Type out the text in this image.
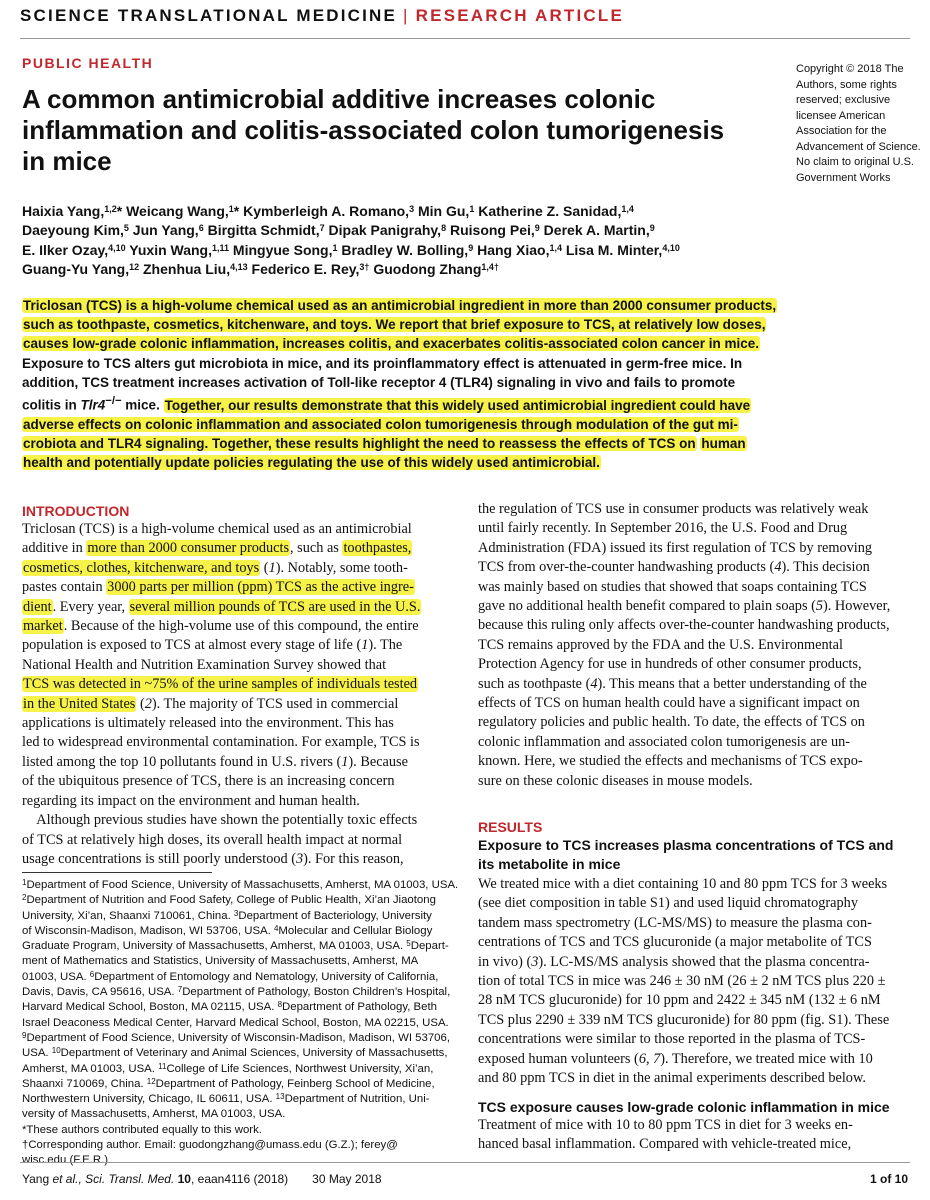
SCIENCE TRANSLATIONAL MEDICINE | RESEARCH ARTICLE
PUBLIC HEALTH
A common antimicrobial additive increases colonic inflammation and colitis-associated colon tumorigenesis in mice
Copyright © 2018 The Authors, some rights reserved; exclusive licensee American Association for the Advancement of Science. No claim to original U.S. Government Works
Haixia Yang,$^{1,2}$* Weicang Wang,$^1$* Kymberleigh A. Romano,$^3$ Min Gu,$^1$ Katherine Z. Sanidad,$^{1,4}$
Daeyoung Kim,$^5$ Jun Yang,$^6$ Birgitta Schmidt,$^7$ Dipak Panigrahy,$^8$ Ruisong Pei,$^9$ Derek A. Martin,$^9$
E. Ilker Ozay,$^{4,10}$ Yuxin Wang,$^{1,11}$ Mingyue Song,$^1$ Bradley W. Bolling,$^9$ Hang Xiao,$^{1,4}$ Lisa M. Minter,$^{4,10}$
Guang-Yu Yang,$^{12}$ Zhenhua Liu,$^{4,13}$ Federico E. Rey,$^{3\dagger}$ Guodong Zhang$^{1,4\dagger}$
Triclosan (TCS) is a high-volume chemical used as an antimicrobial ingredient in more than 2000 consumer products,
such as toothpaste, cosmetics, kitchenware, and toys. We report that brief exposure to TCS, at relatively low doses,
causes low-grade colonic inflammation, increases colitis, and exacerbates colitis-associated colon cancer in mice.
Exposure to TCS alters gut microbiota in mice, and its proinflammatory effect is attenuated in germ-free mice. In
addition, TCS treatment increases activation of Toll-like receptor 4 (TLR4) signaling in vivo and fails to promote
colitis in Tlr4−/− mice. Together, our results demonstrate that this widely used antimicrobial ingredient could have
adverse effects on colonic inflammation and associated colon tumorigenesis through modulation of the gut mi-
crobiota and TLR4 signaling. Together, these results highlight the need to reassess the effects of TCS on human
health and potentially update policies regulating the use of this widely used antimicrobial.
INTRODUCTION
Triclosan (TCS) is a high-volume chemical used as an antimicrobial
additive in more than 2000 consumer products, such as toothpastes,
cosmetics, clothes, kitchenware, and toys (1). Notably, some tooth-
pastes contain 3000 parts per million (ppm) TCS as the active ingre-
dient. Every year, several million pounds of TCS are used in the U.S.
market. Because of the high-volume use of this compound, the entire
population is exposed to TCS at almost every stage of life (1). The
National Health and Nutrition Examination Survey showed that
TCS was detected in ~75% of the urine samples of individuals tested
in the United States (2). The majority of TCS used in commercial
applications is ultimately released into the environment. This has
led to widespread environmental contamination. For example, TCS is
listed among the top 10 pollutants found in U.S. rivers (1). Because
of the ubiquitous presence of TCS, there is an increasing concern
regarding its impact on the environment and human health.
 Although previous studies have shown the potentially toxic effects
of TCS at relatively high doses, its overall health impact at normal
usage concentrations is still poorly understood (3). For this reason,
the regulation of TCS use in consumer products was relatively weak
until fairly recently. In September 2016, the U.S. Food and Drug
Administration (FDA) issued its first regulation of TCS by removing
TCS from over-the-counter handwashing products (4). This decision
was mainly based on studies that showed that soaps containing TCS
gave no additional health benefit compared to plain soaps (5). However,
because this ruling only affects over-the-counter handwashing products,
TCS remains approved by the FDA and the U.S. Environmental
Protection Agency for use in hundreds of other consumer products,
such as toothpaste (4). This means that a better understanding of the
effects of TCS on human health could have a significant impact on
regulatory policies and public health. To date, the effects of TCS on
colonic inflammation and associated colon tumorigenesis are un-
known. Here, we studied the effects and mechanisms of TCS expo-
sure on these colonic diseases in mouse models.
RESULTS
Exposure to TCS increases plasma concentrations of TCS and
its metabolite in mice
We treated mice with a diet containing 10 and 80 ppm TCS for 3 weeks
(see diet composition in table S1) and used liquid chromatography
tandem mass spectrometry (LC-MS/MS) to measure the plasma con-
centrations of TCS and TCS glucuronide (a major metabolite of TCS
in vivo) (3). LC-MS/MS analysis showed that the plasma concentra-
tion of total TCS in mice was 246 ± 30 nM (26 ± 2 nM TCS plus 220 ±
28 nM TCS glucuronide) for 10 ppm and 2422 ± 345 nM (132 ± 6 nM
TCS plus 2290 ± 339 nM TCS glucuronide) for 80 ppm (fig. S1). These
concentrations were similar to those reported in the plasma of TCS-
exposed human volunteers (6, 7). Therefore, we treated mice with 10
and 80 ppm TCS in diet in the animal experiments described below.
TCS exposure causes low-grade colonic inflammation in mice
Treatment of mice with 10 to 80 ppm TCS in diet for 3 weeks en-
hanced basal inflammation. Compared with vehicle-treated mice,
$^1$Department of Food Science, University of Massachusetts, Amherst, MA 01003, USA.
$^2$Department of Nutrition and Food Safety, College of Public Health, Xi’an Jiaotong
University, Xi’an, Shaanxi 710061, China. $^3$Department of Bacteriology, University
of Wisconsin-Madison, Madison, WI 53706, USA. $^4$Molecular and Cellular Biology
Graduate Program, University of Massachusetts, Amherst, MA 01003, USA. $^5$Depart-
ment of Mathematics and Statistics, University of Massachusetts, Amherst, MA
01003, USA. $^6$Department of Entomology and Nematology, University of California,
Davis, Davis, CA 95616, USA. $^7$Department of Pathology, Boston Children’s Hospital,
Harvard Medical School, Boston, MA 02115, USA. $^8$Department of Pathology, Beth
Israel Deaconess Medical Center, Harvard Medical School, Boston, MA 02215, USA.
$^9$Department of Food Science, University of Wisconsin-Madison, Madison, WI 53706,
USA. $^{10}$Department of Veterinary and Animal Sciences, University of Massachusetts,
Amherst, MA 01003, USA. $^{11}$College of Life Sciences, Northwest University, Xi’an,
Shaanxi 710069, China. $^{12}$Department of Pathology, Feinberg School of Medicine,
Northwestern University, Chicago, IL 60611, USA. $^{13}$Department of Nutrition, Uni-
versity of Massachusetts, Amherst, MA 01003, USA.
*These authors contributed equally to this work.
†Corresponding author. Email: guodongzhang@umass.edu (G.Z.); ferey@
wisc.edu (F.E.R.)
Yang et al., Sci. Transl. Med. 10, eaan4116 (2018)  30 May 2018	1 of 10
